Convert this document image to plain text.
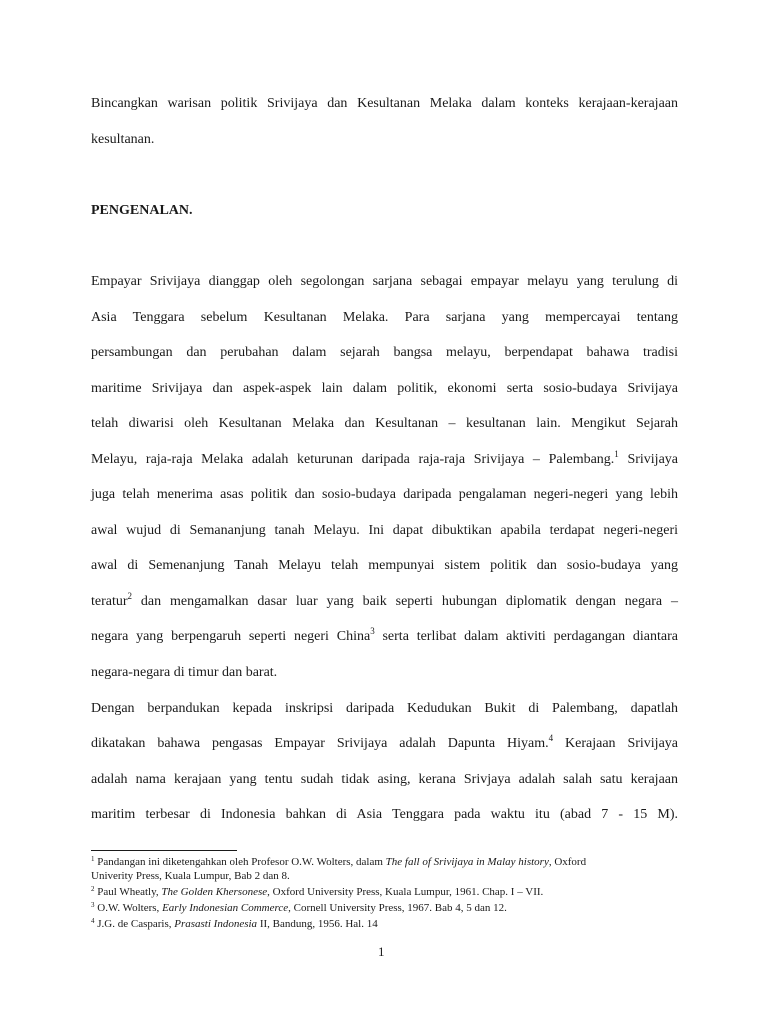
Bincangkan warisan politik Srivijaya dan Kesultanan Melaka dalam konteks kerajaan-kerajaan
kesultanan.
PENGENALAN.
Empayar Srivijaya dianggap oleh segolongan sarjana sebagai empayar melayu yang terulung di
Asia Tenggara sebelum Kesultanan Melaka. Para sarjana yang mempercayai tentang
persambungan dan perubahan dalam sejarah bangsa melayu, berpendapat bahawa tradisi
maritime Srivijaya dan aspek-aspek lain dalam politik, ekonomi serta sosio-budaya Srivijaya
telah diwarisi oleh Kesultanan Melaka dan Kesultanan – kesultanan lain. Mengikut Sejarah
Melayu, raja-raja Melaka adalah keturunan daripada raja-raja Srivijaya – Palembang.$^1$ Srivijaya
juga telah menerima asas politik dan sosio-budaya daripada pengalaman negeri-negeri yang lebih
awal wujud di Semananjung tanah Melayu. Ini dapat dibuktikan apabila terdapat negeri-negeri
awal di Semenanjung Tanah Melayu telah mempunyai sistem politik dan sosio-budaya yang
teratur$^2$ dan mengamalkan dasar luar yang baik seperti hubungan diplomatik dengan negara –
negara yang berpengaruh seperti negeri China$^3$ serta terlibat dalam aktiviti perdagangan diantara
negara-negara di timur dan barat.
Dengan berpandukan kepada inskripsi daripada Kedudukan Bukit di Palembang, dapatlah
dikatakan bahawa pengasas Empayar Srivijaya adalah Dapunta Hiyam.$^4$ Kerajaan Srivijaya
adalah nama kerajaan yang tentu sudah tidak asing, kerana Srivjaya adalah salah satu kerajaan
maritim terbesar di Indonesia bahkan di Asia Tenggara pada waktu itu (abad 7 - 15 M).
$^1$ Pandangan ini diketengahkan oleh Profesor O.W. Wolters, dalam The fall of Srivijaya in Malay history, Oxford
Univerity Press, Kuala Lumpur, Bab 2 dan 8.
$^2$ Paul Wheatly, The Golden Khersonese, Oxford University Press, Kuala Lumpur, 1961. Chap. I – VII.
$^3$ O.W. Wolters, Early Indonesian Commerce, Cornell University Press, 1967. Bab 4, 5 dan 12.
$^4$ J.G. de Casparis, Prasasti Indonesia II, Bandung, 1956. Hal. 14
1
